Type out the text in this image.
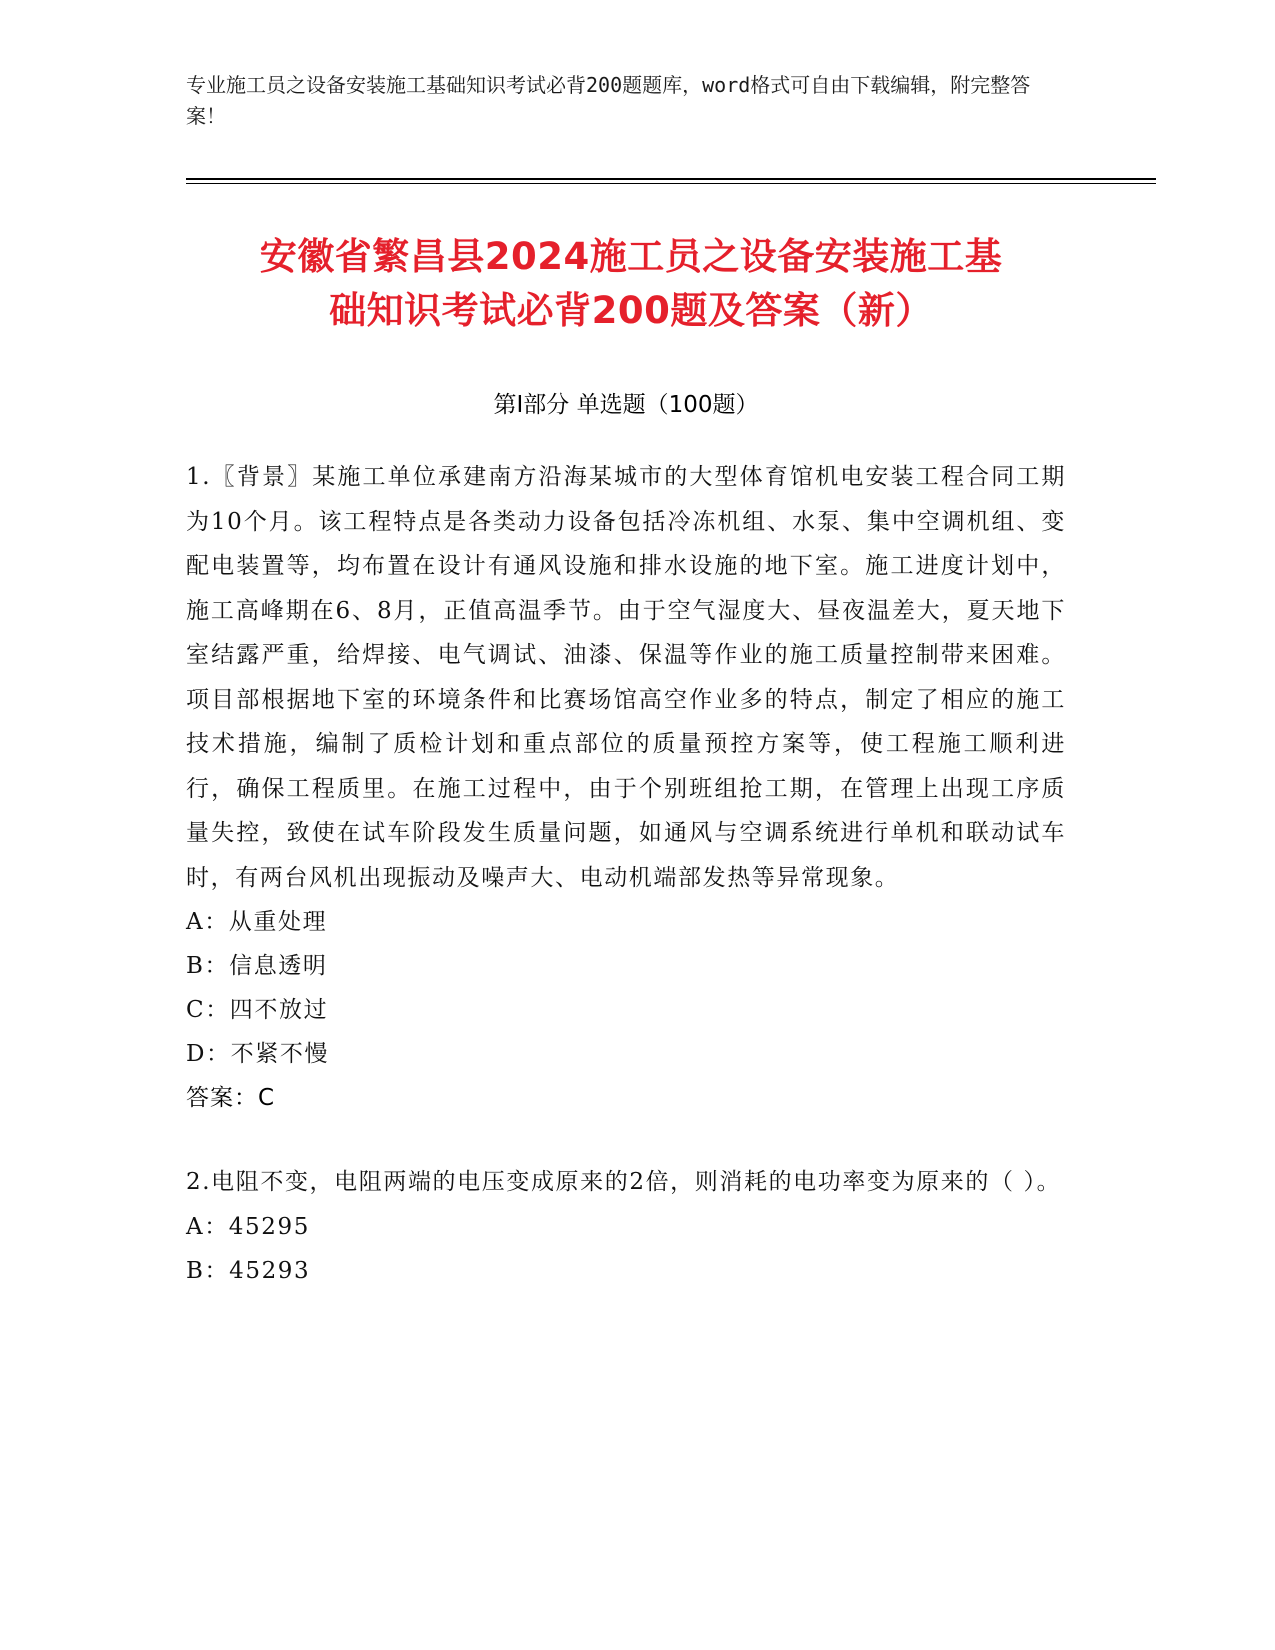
专业施工员之设备安装施工基础知识考试必背200题题库，word格式可自由下载编辑，附完整答案！
安徽省繁昌县2024施工员之设备安装施工基
础知识考试必背200题及答案（新）
第Ⅰ部分 单选题（100题）

1.〖背景〗某施工单位承建南方沿海某城市的大型体育馆机电安装工程合同工期为10个月。该工程特点是各类动力设备包括冷冻机组、水泵、集中空调机组、变配电装置等，均布置在设计有通风设施和排水设施的地下室。施工进度计划中，施工高峰期在6、8月，正值高温季节。由于空气湿度大、昼夜温差大，夏天地下室结露严重，给焊接、电气调试、油漆、保温等作业的施工质量控制带来困难。项目部根据地下室的环境条件和比赛场馆高空作业多的特点，制定了相应的施工技术措施，编制了质检计划和重点部位的质量预控方案等，使工程施工顺利进行，确保工程质里。在施工过程中，由于个别班组抢工期，在管理上出现工序质量失控，致使在试车阶段发生质量问题，如通风与空调系统进行单机和联动试车时，有两台风机出现振动及噪声大、电动机端部发热等异常现象。

A：从重处理

B：信息透明

C：四不放过

D：不紧不慢

答案：C

2.电阻不变，电阻两端的电压变成原来的2倍，则消耗的电功率变为原来的（ ）。

A：45295

B：45293
